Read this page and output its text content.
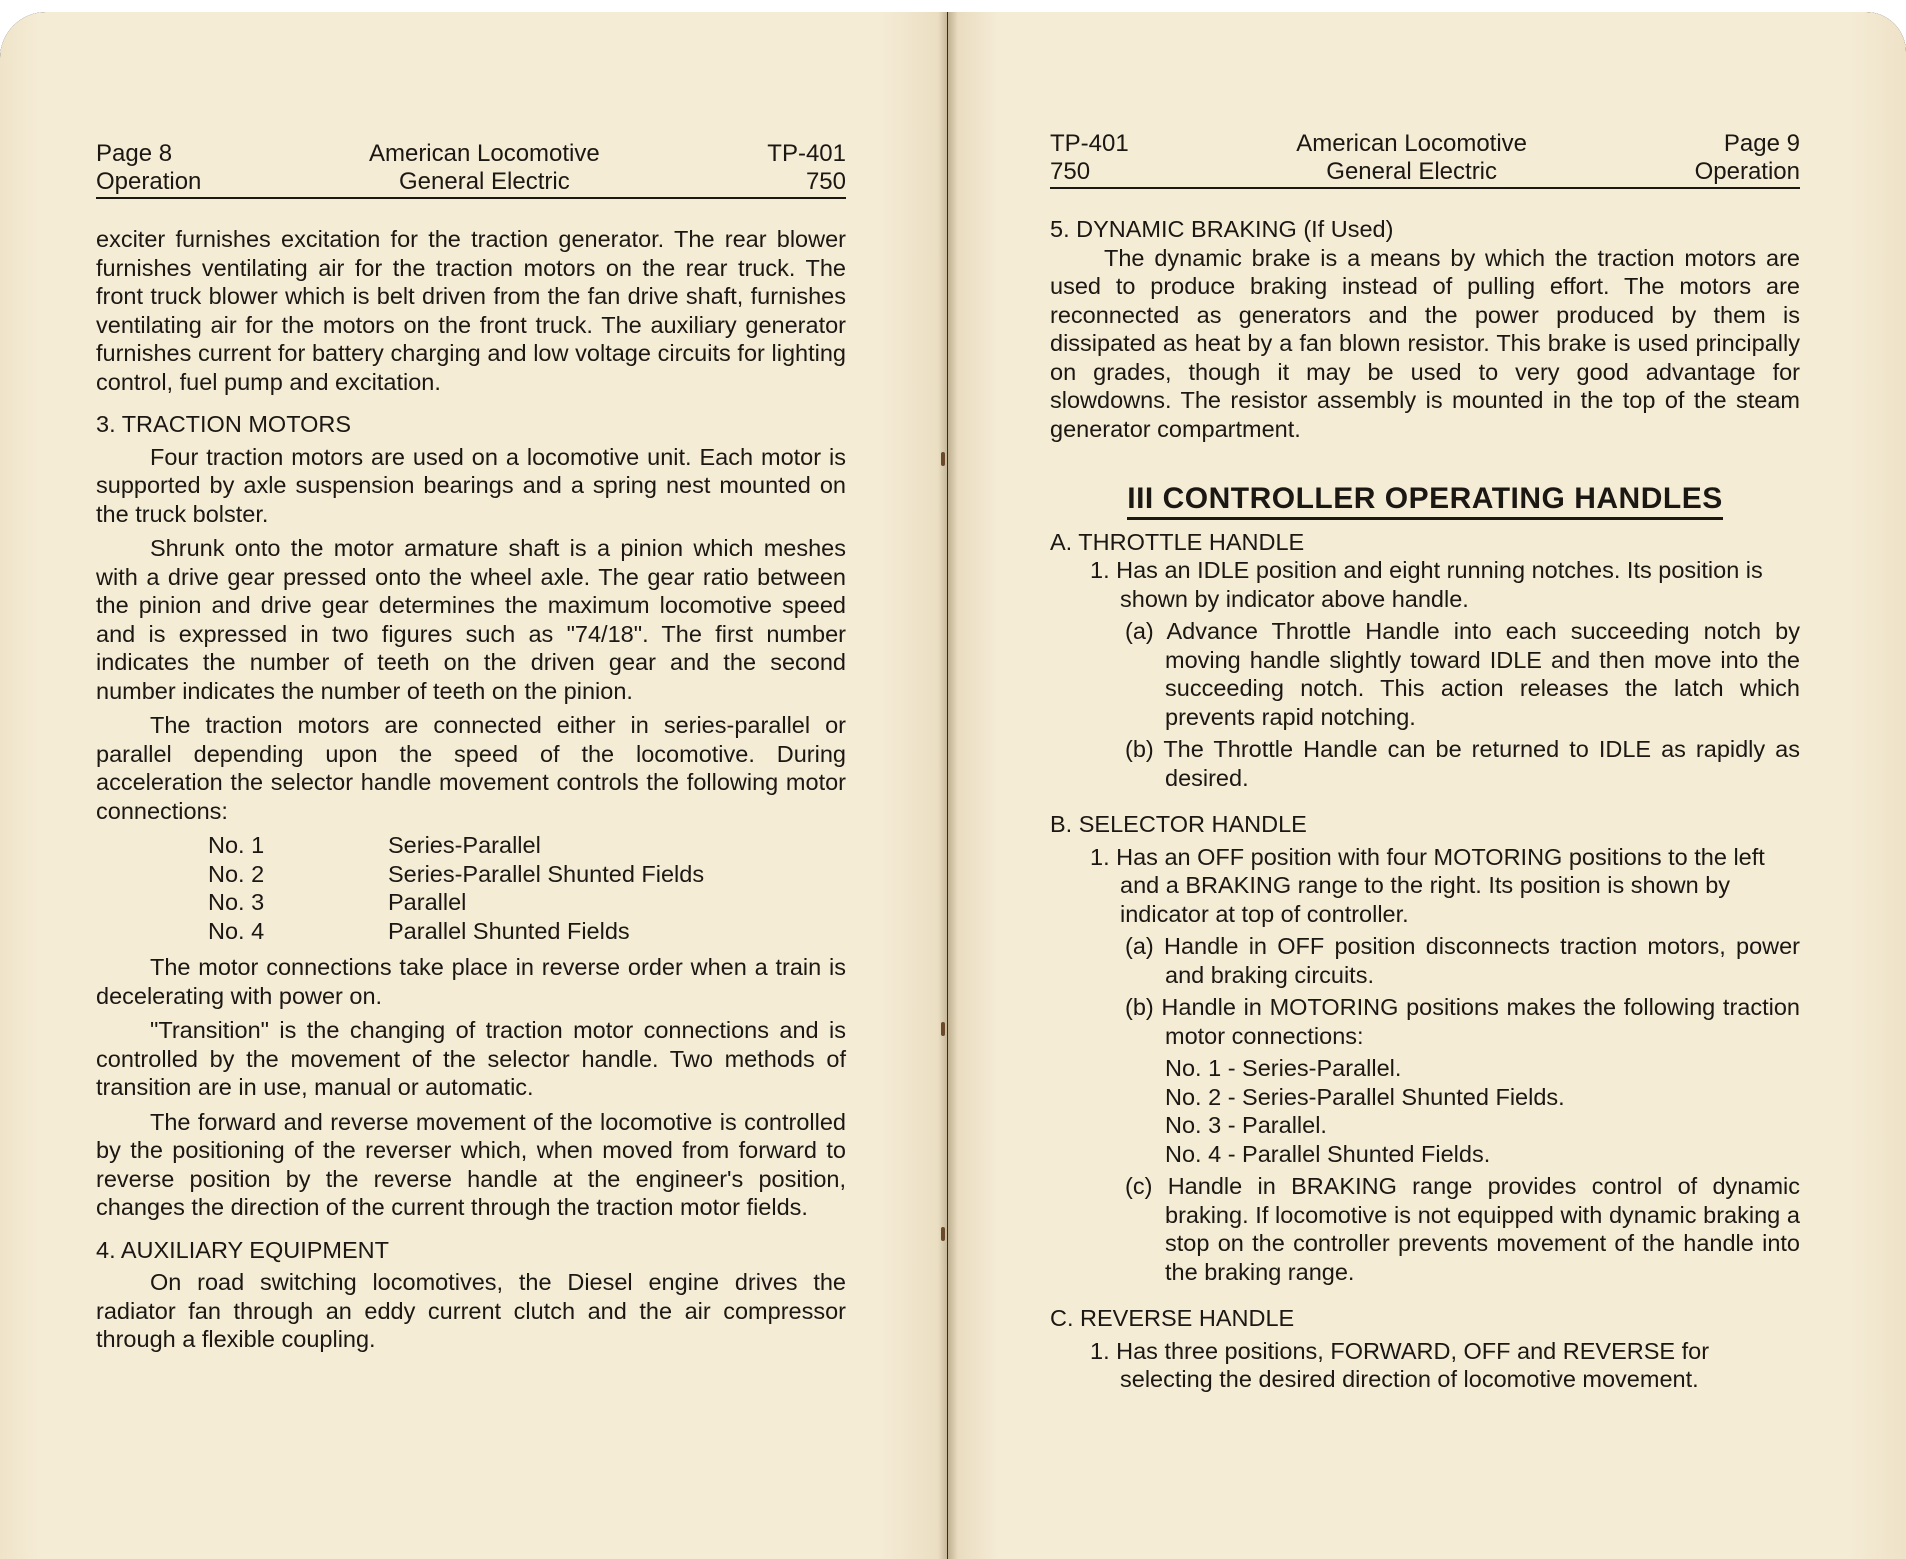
Page 8
Operation
American Locomotive
General Electric
TP-401
750

exciter furnishes excitation for the traction generator. The rear blower furnishes ventilating air for the traction motors on the rear truck. The front truck blower which is belt driven from the fan drive shaft, furnishes ventilating air for the motors on the front truck. The auxiliary generator furnishes current for battery charging and low voltage circuits for lighting control, fuel pump and excitation.

3. TRACTION MOTORS

Four traction motors are used on a locomotive unit. Each motor is supported by axle suspension bearings and a spring nest mounted on the truck bolster.

Shrunk onto the motor armature shaft is a pinion which meshes with a drive gear pressed onto the wheel axle. The gear ratio between the pinion and drive gear determines the maximum locomotive speed and is expressed in two figures such as "74/18". The first number indicates the number of teeth on the driven gear and the second number indicates the number of teeth on the pinion.

The traction motors are connected either in series-parallel or parallel depending upon the speed of the locomotive. During acceleration the selector handle movement controls the following motor connections:

No. 1	Series-Parallel
No. 2	Series-Parallel Shunted Fields
No. 3	Parallel
No. 4	Parallel Shunted Fields

The motor connections take place in reverse order when a train is decelerating with power on.

"Transition" is the changing of traction motor connections and is controlled by the movement of the selector handle. Two methods of transition are in use, manual or automatic.

The forward and reverse movement of the locomotive is controlled by the positioning of the reverser which, when moved from forward to reverse position by the reverse handle at the engineer's position, changes the direction of the current through the traction motor fields.

4. AUXILIARY EQUIPMENT

On road switching locomotives, the Diesel engine drives the radiator fan through an eddy current clutch and the air compressor through a flexible coupling.

TP-401
750
American Locomotive
General Electric
Page 9
Operation
5. DYNAMIC BRAKING (If Used)

The dynamic brake is a means by which the traction motors are used to produce braking instead of pulling effort. The motors are reconnected as generators and the power produced by them is dissipated as heat by a fan blown resistor. This brake is used principally on grades, though it may be used to very good advantage for slowdowns. The resistor assembly is mounted in the top of the steam generator compartment.

III CONTROLLER OPERATING HANDLES
A. THROTTLE HANDLE
1. Has an IDLE position and eight running notches. Its position is shown by indicator above handle.
(a) Advance Throttle Handle into each succeeding notch by moving handle slightly toward IDLE and then move into the succeeding notch. This action releases the latch which prevents rapid notching.
(b) The Throttle Handle can be returned to IDLE as rapidly as desired.
B. SELECTOR HANDLE
1. Has an OFF position with four MOTORING positions to the left and a BRAKING range to the right. Its position is shown by indicator at top of controller.
(a) Handle in OFF position disconnects traction motors, power and braking circuits.
(b) Handle in MOTORING positions makes the following traction motor connections:
No. 1 - Series-Parallel.
No. 2 - Series-Parallel Shunted Fields.
No. 3 - Parallel.
No. 4 - Parallel Shunted Fields.
(c) Handle in BRAKING range provides control of dynamic braking. If locomotive is not equipped with dynamic braking a stop on the controller prevents movement of the handle into the braking range.
C. REVERSE HANDLE
1. Has three positions, FORWARD, OFF and REVERSE for selecting the desired direction of locomotive movement.
